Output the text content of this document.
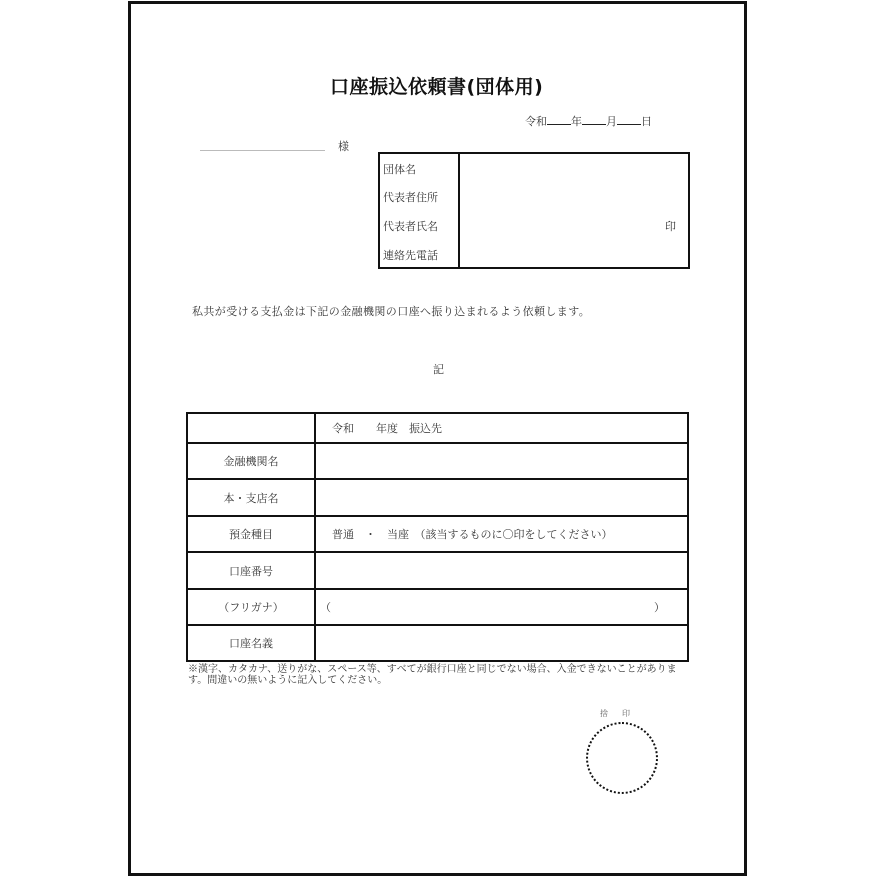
口座振込依頼書(団体用)
令和 年 月 日
様
団体名
代表者住所
代表者氏名
連絡先電話
印
私共が受ける支払金は下記の金融機関の口座へ振り込まれるよう依頼します。
記
	令和　　年度　振込先
金融機関名	
本・支店名	
預金種目	普通　・　当座　（該当するものに〇印をしてください）
口座番号	
（フリガナ）	（ ）

口座名義	
※漢字、カタカナ、送りがな、スペース等、すべてが銀行口座と同じでない場合、入金できないことがあります。間違いの無いように記入してください。
捨印
